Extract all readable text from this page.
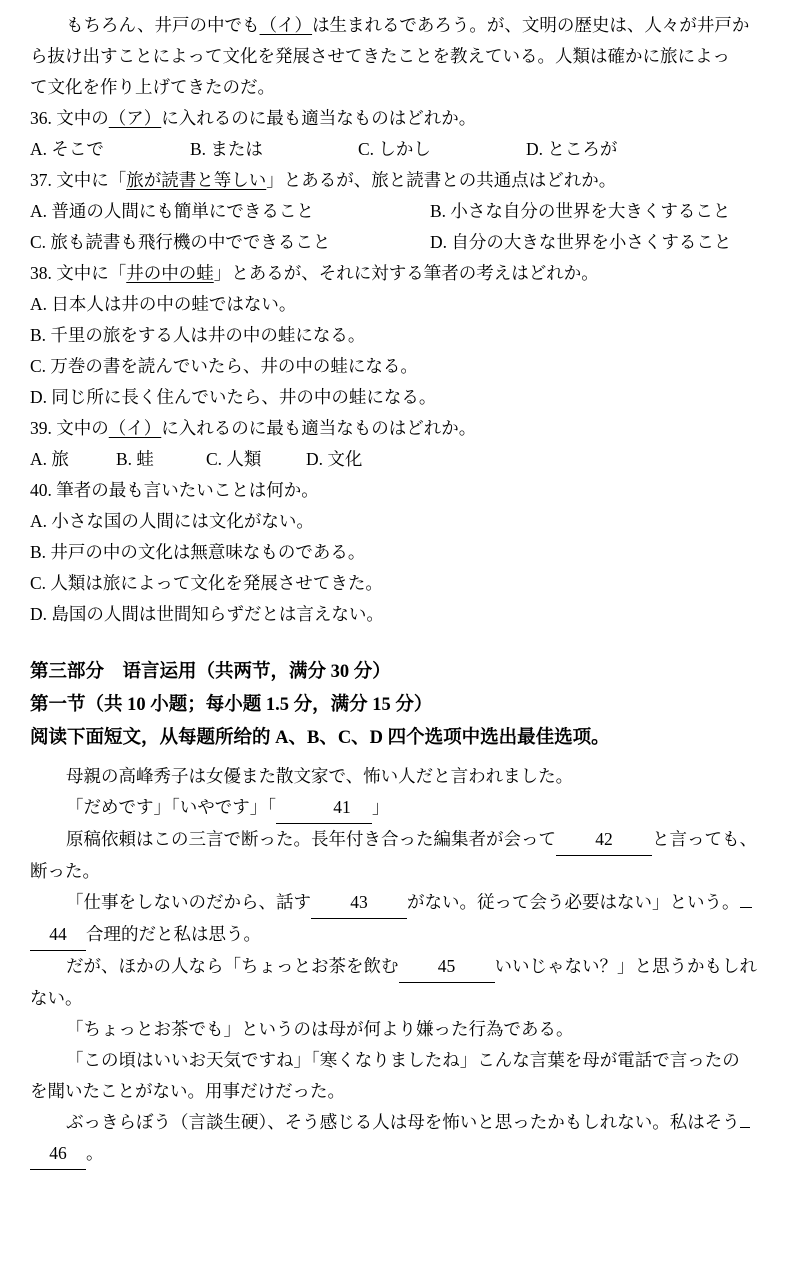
もちろん、井戸の中でも（イ）は生まれるであろう。が、文明の歴史は、人々が井戸か
ら抜け出すことによって文化を発展させてきたことを教えている。人類は確かに旅によっ
て文化を作り上げてきたのだ。
36. 文中の（ア）に入れるのに最も適当なものはどれか。
A. そこで	B. または	C. しかし	D. ところが
37. 文中に「旅が読書と等しい」とあるが、旅と読書との共通点はどれか。
A. 普通の人間にも簡単にできること	B. 小さな自分の世界を大きくすること
C. 旅も読書も飛行機の中でできること	D. 自分の大きな世界を小さくすること
38. 文中に「井の中の蛙」とあるが、それに対する筆者の考えはどれか。
A. 日本人は井の中の蛙ではない。
B. 千里の旅をする人は井の中の蛙になる。
C. 万巻の書を読んでいたら、井の中の蛙になる。
D. 同じ所に長く住んでいたら、井の中の蛙になる。
39. 文中の（イ）に入れるのに最も適当なものはどれか。
A. 旅	B. 蛙	C. 人類	D. 文化
40. 筆者の最も言いたいことは何か。
A. 小さな国の人間には文化がない。
B. 井戸の中の文化は無意味なものである。
C. 人類は旅によって文化を発展させてきた。
D. 島国の人間は世間知らずだとは言えない。
第三部分　语言运用（共两节，满分 30 分）
第一节（共 10 小题；每小题 1.5 分，满分 15 分）
阅读下面短文，从每题所给的 A、B、C、D 四个选项中选出最佳选项。
母親の高峰秀子は女優また散文家で、怖い人だと言われました。
「だめです」「いやです」「	41 」
原稿依頼はこの三言で断った。長年付き合った編集者が会って 42 と言っても、
断った。
「仕事をしないのだから、話す 43 がない。従って会う必要はない」という。
44 合理的だと私は思う。
だが、ほかの人なら「ちょっとお茶を飲む 45 いいじゃない？」と思うかもしれ
ない。
「ちょっとお茶でも」というのは母が何より嫌った行為である。
「この頃はいいお天気ですね」「寒くなりましたね」こんな言葉を母が電話で言ったの
を聞いたことがない。用事だけだった。
ぶっきらぼう（言談生硬）、そう感じる人は母を怖いと思ったかもしれない。私はそう
46 。
